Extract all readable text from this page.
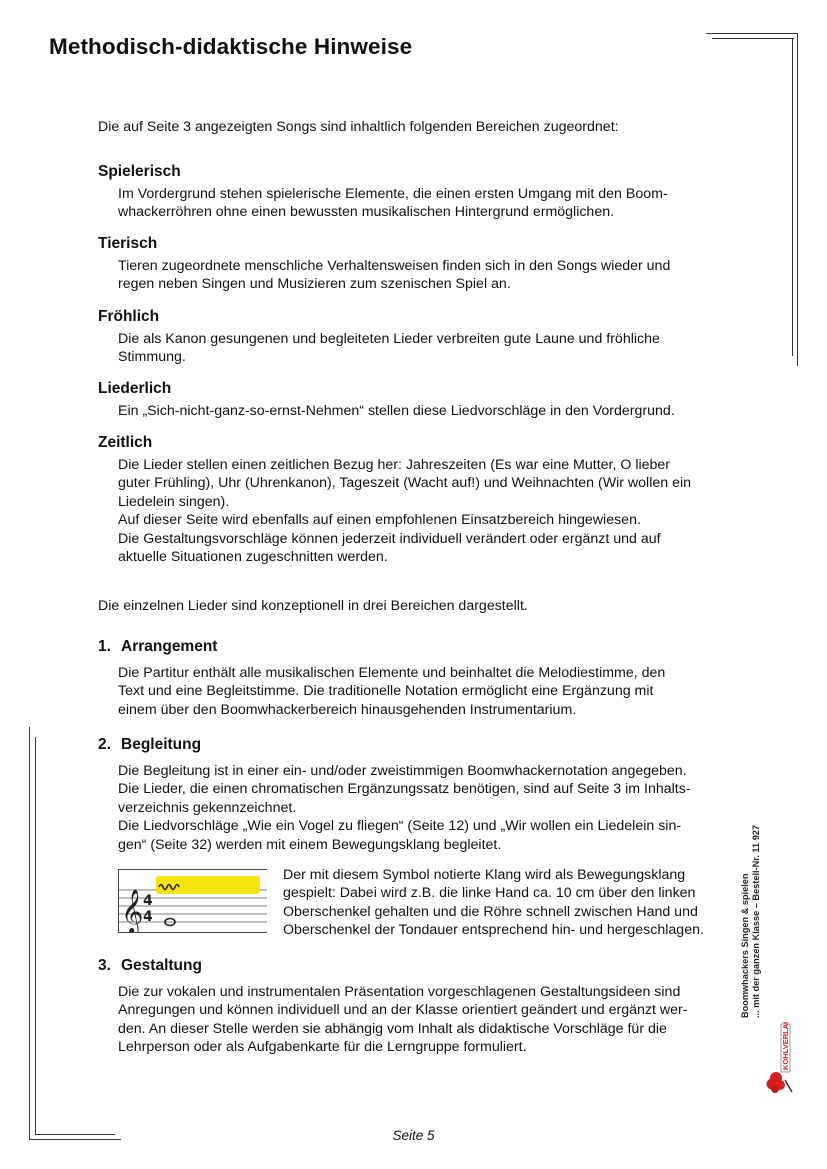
Methodisch-didaktische Hinweise
Die auf Seite 3 angezeigten Songs sind inhaltlich folgenden Bereichen zugeordnet:
Spielerisch
Im Vordergrund stehen spielerische Elemente, die einen ersten Umgang mit den Boom-
whackerröhren ohne einen bewussten musikalischen Hintergrund ermöglichen.
Tierisch
Tieren zugeordnete menschliche Verhaltensweisen finden sich in den Songs wieder und
regen neben Singen und Musizieren zum szenischen Spiel an.
Fröhlich
Die als Kanon gesungenen und begleiteten Lieder verbreiten gute Laune und fröhliche
Stimmung.
Liederlich
Ein „Sich-nicht-ganz-so-ernst-Nehmen“ stellen diese Liedvorschläge in den Vordergrund.
Zeitlich
Die Lieder stellen einen zeitlichen Bezug her: Jahreszeiten (Es war eine Mutter, O lieber
guter Frühling), Uhr (Uhrenkanon), Tageszeit (Wacht auf!) und Weihnachten (Wir wollen ein
Liedelein singen).
Auf dieser Seite wird ebenfalls auf einen empfohlenen Einsatzbereich hingewiesen.
Die Gestaltungsvorschläge können jederzeit individuell verändert oder ergänzt und auf
aktuelle Situationen zugeschnitten werden.
Die einzelnen Lieder sind konzeptionell in drei Bereichen dargestellt.
1. Arrangement
Die Partitur enthält alle musikalischen Elemente und beinhaltet die Melodiestimme, den
Text und eine Begleitstimme. Die traditionelle Notation ermöglicht eine Ergänzung mit
einem über den Boomwhackerbereich hinausgehenden Instrumentarium.
2. Begleitung
Die Begleitung ist in einer ein- und/oder zweistimmigen Boomwhackernotation angegeben.
Die Lieder, die einen chromatischen Ergänzungssatz benötigen, sind auf Seite 3 im Inhalts-
verzeichnis gekennzeichnet.
Die Liedvorschläge „Wie ein Vogel zu fliegen“ (Seite 12) und „Wir wollen ein Liedelein sin-
gen“ (Seite 32) werden mit einem Bewegungsklang begleitet.
𝄞 4
4
Der mit diesem Symbol notierte Klang wird als Bewegungsklang
gespielt: Dabei wird z.B. die linke Hand ca. 10 cm über den linken
Oberschenkel gehalten und die Röhre schnell zwischen Hand und
Oberschenkel der Tondauer entsprechend hin- und hergeschlagen.
3. Gestaltung
Die zur vokalen und instrumentalen Präsentation vorgeschlagenen Gestaltungsideen sind
Anregungen und können individuell und an der Klasse orientiert geändert und ergänzt wer-
den. An dieser Stelle werden sie abhängig vom Inhalt als didaktische Vorschläge für die
Lehrperson oder als Aufgabenkarte für die Lerngruppe formuliert.
Boomwhackers Singen & spielen ... mit der ganzen Klasse – Bestell-Nr. 11 927
KOHLVERLAG
Seite 5
